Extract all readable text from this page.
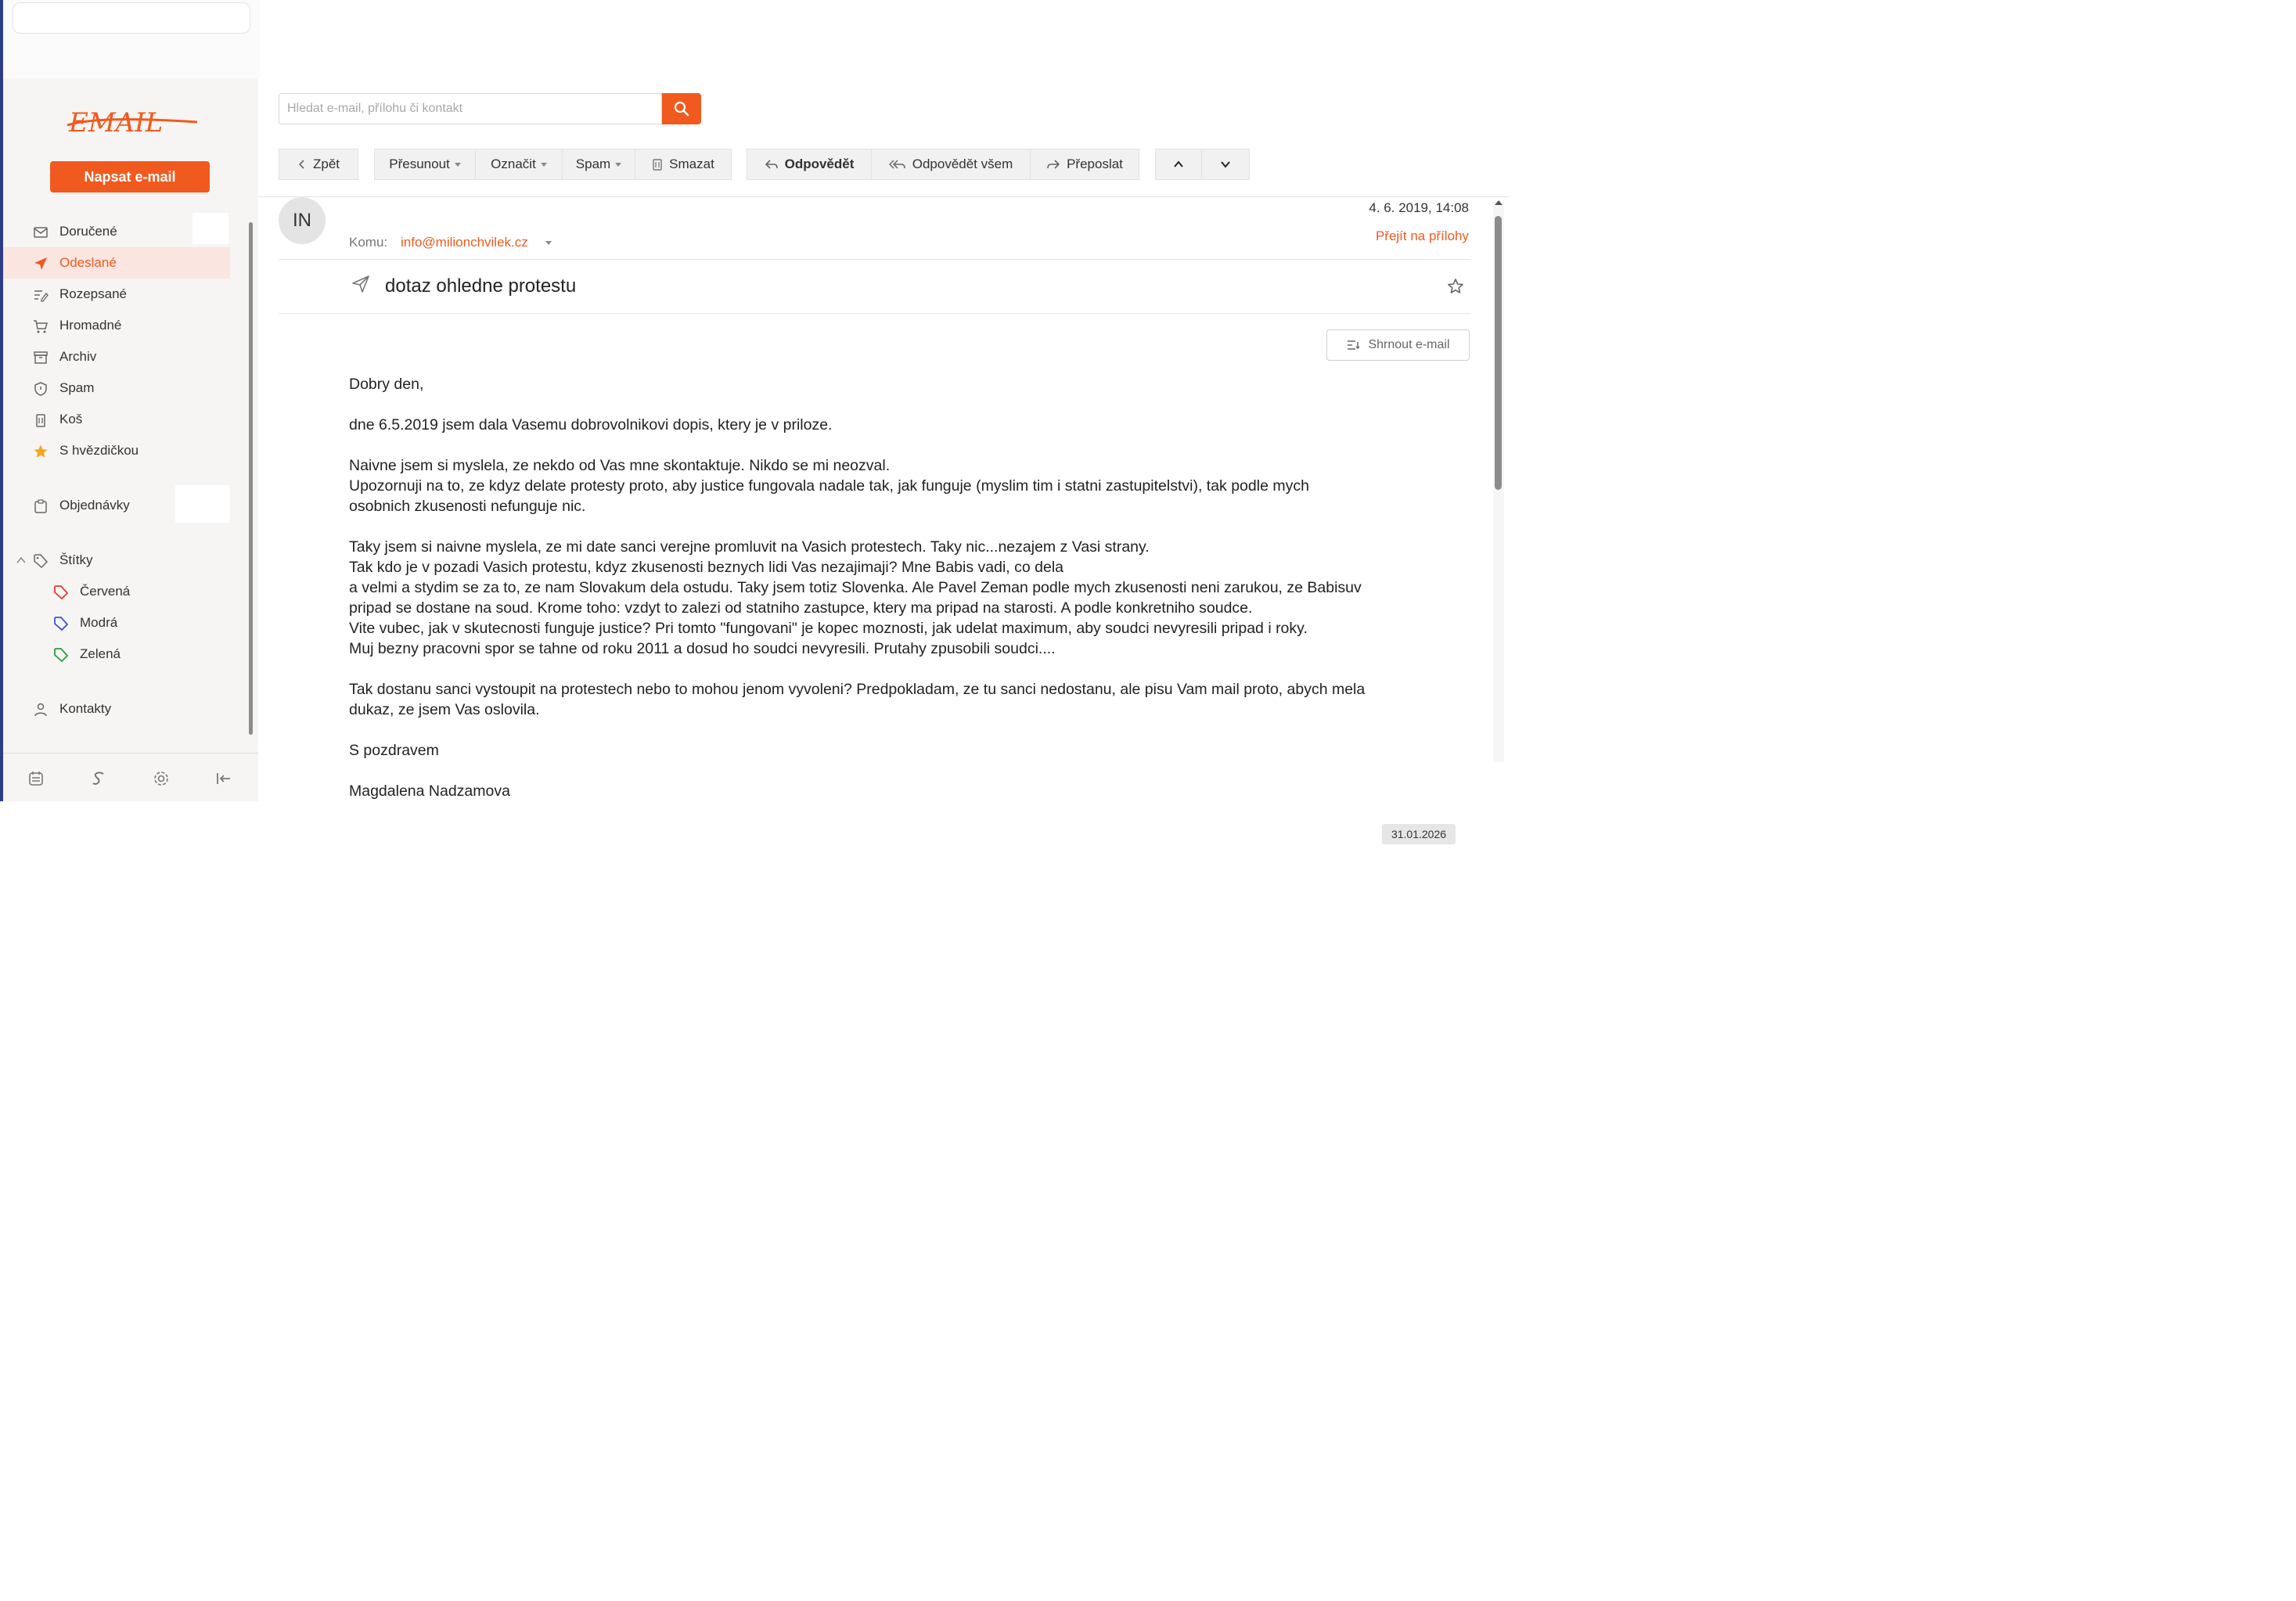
EMAIL
Napsat e-mail
Doručené
Odeslané
Rozepsané
Hromadné
Archiv
Spam
Koš
S hvězdičkou
Objednávky
Štítky
Červená
Modrá
Zelená
Kontakty
Hledat e-mail, přílohu či kontakt
Zpět	Přesunout	Označit	Spam	Smazat	Odpovědět	Odpovědět všem	Přeposlat
IN
4. 6. 2019, 14:08
Komu: info@milionchvilek.cz	Přejít na přílohy
dotaz ohledne protestu
Shrnout e-mail

Dobry den,

dne 6.5.2019 jsem dala Vasemu dobrovolnikovi dopis, ktery je v priloze.

Naivne jsem si myslela, ze nekdo od Vas mne skontaktuje. Nikdo se mi neozval.
Upozornuji na to, ze kdyz delate protesty proto, aby justice fungovala nadale tak, jak funguje (myslim tim i statni zastupitelstvi), tak podle mych
osobnich zkusenosti nefunguje nic.

Taky jsem si naivne myslela, ze mi date sanci verejne promluvit na Vasich protestech. Taky nic...nezajem z Vasi strany.
Tak kdo je v pozadi Vasich protestu, kdyz zkusenosti beznych lidi Vas nezajimaji? Mne Babis vadi, co dela
a velmi a stydim se za to, ze nam Slovakum dela ostudu. Taky jsem totiz Slovenka. Ale Pavel Zeman podle mych zkusenosti neni zarukou, ze Babisuv
pripad se dostane na soud. Krome toho: vzdyt to zalezi od statniho zastupce, ktery ma pripad na starosti. A podle konkretniho soudce.
Vite vubec, jak v skutecnosti funguje justice? Pri tomto "fungovani" je kopec moznosti, jak udelat maximum, aby soudci nevyresili pripad i roky.
Muj bezny pracovni spor se tahne od roku 2011 a dosud ho soudci nevyresili. Prutahy zpusobili soudci....

Tak dostanu sanci vystoupit na protestech nebo to mohou jenom vyvoleni? Predpokladam, ze tu sanci nedostanu, ale pisu Vam mail proto, abych mela
dukaz, ze jsem Vas oslovila.

S pozdravem

Magdalena Nadzamova

31.01.2026
